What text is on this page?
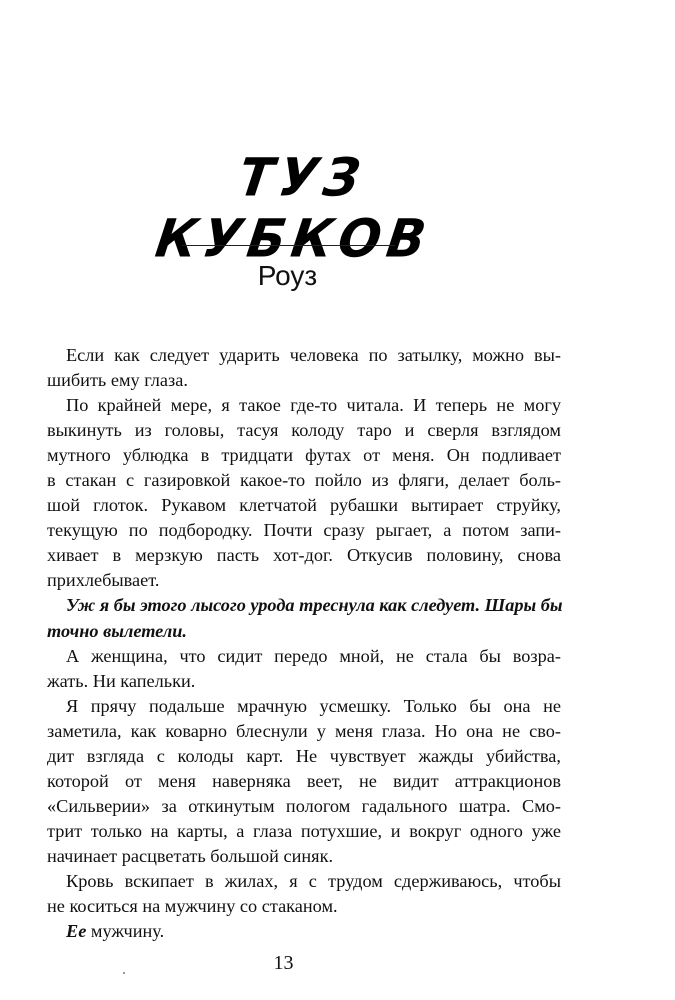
ТУЗ КУБКОВ
Роуз
Если как следует ударить человека по затылку, можно вы-
шибить ему глаза.
По крайней мере, я такое где-то читала. И теперь не могу
выкинуть из головы, тасуя колоду таро и сверля взглядом
мутного ублюдка в тридцати футах от меня. Он подливает
в стакан с газировкой какое-то пойло из фляги, делает боль-
шой глоток. Рукавом клетчатой рубашки вытирает струйку,
текущую по подбородку. Почти сразу рыгает, а потом запи-
хивает в мерзкую пасть хот-дог. Откусив половину, снова
прихлебывает.
Уж я бы этого лысого урода треснула как следует. Шары бы
точно вылетели.
А женщина, что сидит передо мной, не стала бы возра-
жать. Ни капельки.
Я прячу подальше мрачную усмешку. Только бы она не
заметила, как коварно блеснули у меня глаза. Но она не сво-
дит взгляда с колоды карт. Не чувствует жажды убийства,
которой от меня наверняка веет, не видит аттракционов
«Сильверии» за откинутым пологом гадального шатра. Смо-
трит только на карты, а глаза потухшие, и вокруг одного уже
начинает расцветать большой синяк.
Кровь вскипает в жилах, я с трудом сдерживаюсь, чтобы
не коситься на мужчину со стаканом.
Ее мужчину.
13
